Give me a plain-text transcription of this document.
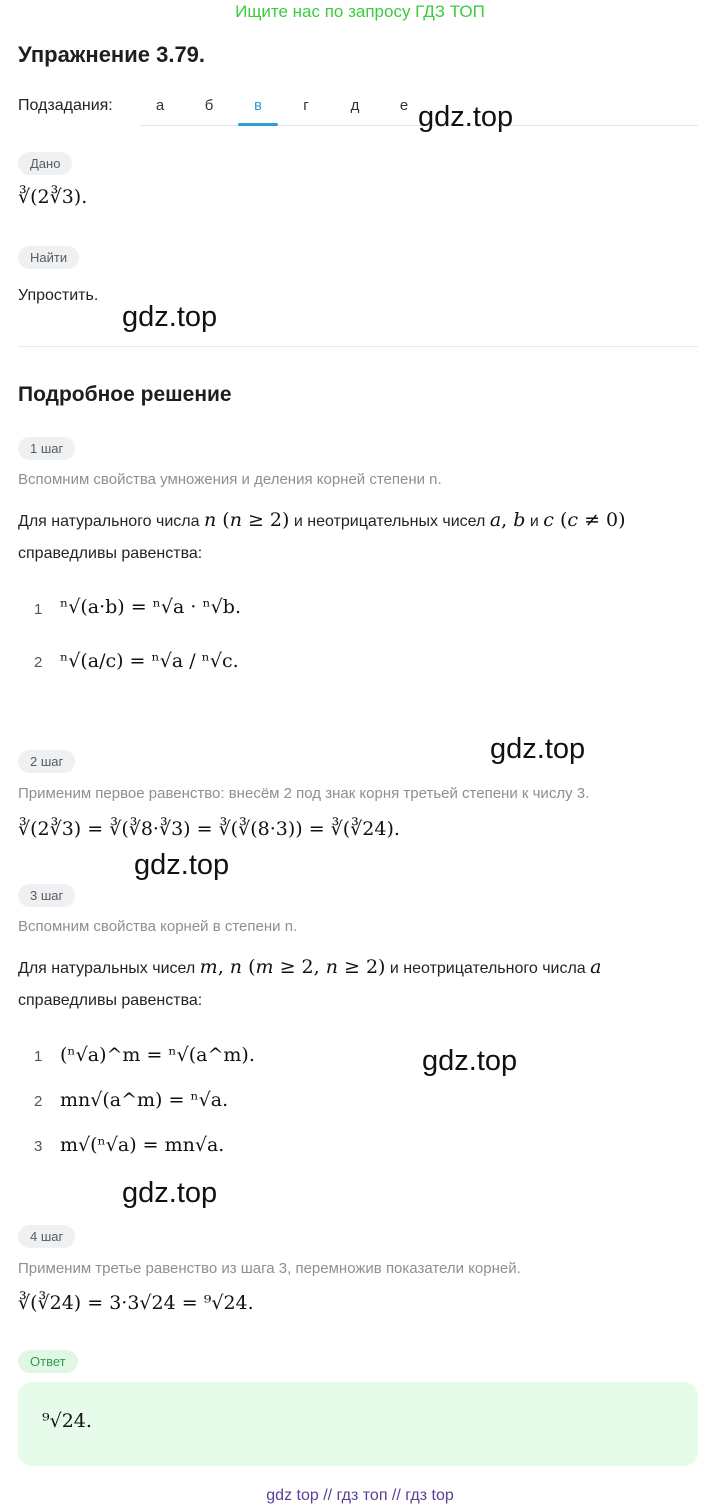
Ищите нас по запросу ГДЗ ТОП
Упражнение 3.79.
Подзадания:	а	б	в	г	д	е gdz.top
Дано
∛(2∛3).
Найти
Упростить.
gdz.top
Подробное решение
1 шаг
Вспомним свойства умножения и деления корней степени n.
Для натурального числа n (n ≥ 2) и неотрицательных чисел a, b и c (c ≠ 0)
справедливы равенства:
1 ⁿ√(a·b) = ⁿ√a · ⁿ√b.
2 ⁿ√(a/c) = ⁿ√a / ⁿ√c.
gdz.top
2 шаг
Применим первое равенство: внесём 2 под знак корня третьей степени к числу 3.
∛(2∛3) = ∛(∛8·∛3) = ∛(∛(8·3)) = ∛(∛24).
gdz.top
3 шаг
Вспомним свойства корней в степени n.
Для натуральных чисел m, n (m ≥ 2, n ≥ 2) и неотрицательного числа a
справедливы равенства:
1 (ⁿ√a)^m = ⁿ√(a^m).
2 mn√(a^m) = ⁿ√a.
3 m√(ⁿ√a) = mn√a.
gdz.top
gdz.top
4 шаг
Применим третье равенство из шага 3, перемножив показатели корней.
∛(∛24) = 3·3√24 = ⁹√24.
Ответ
⁹√24.
gdz top // гдз топ // гдз top
